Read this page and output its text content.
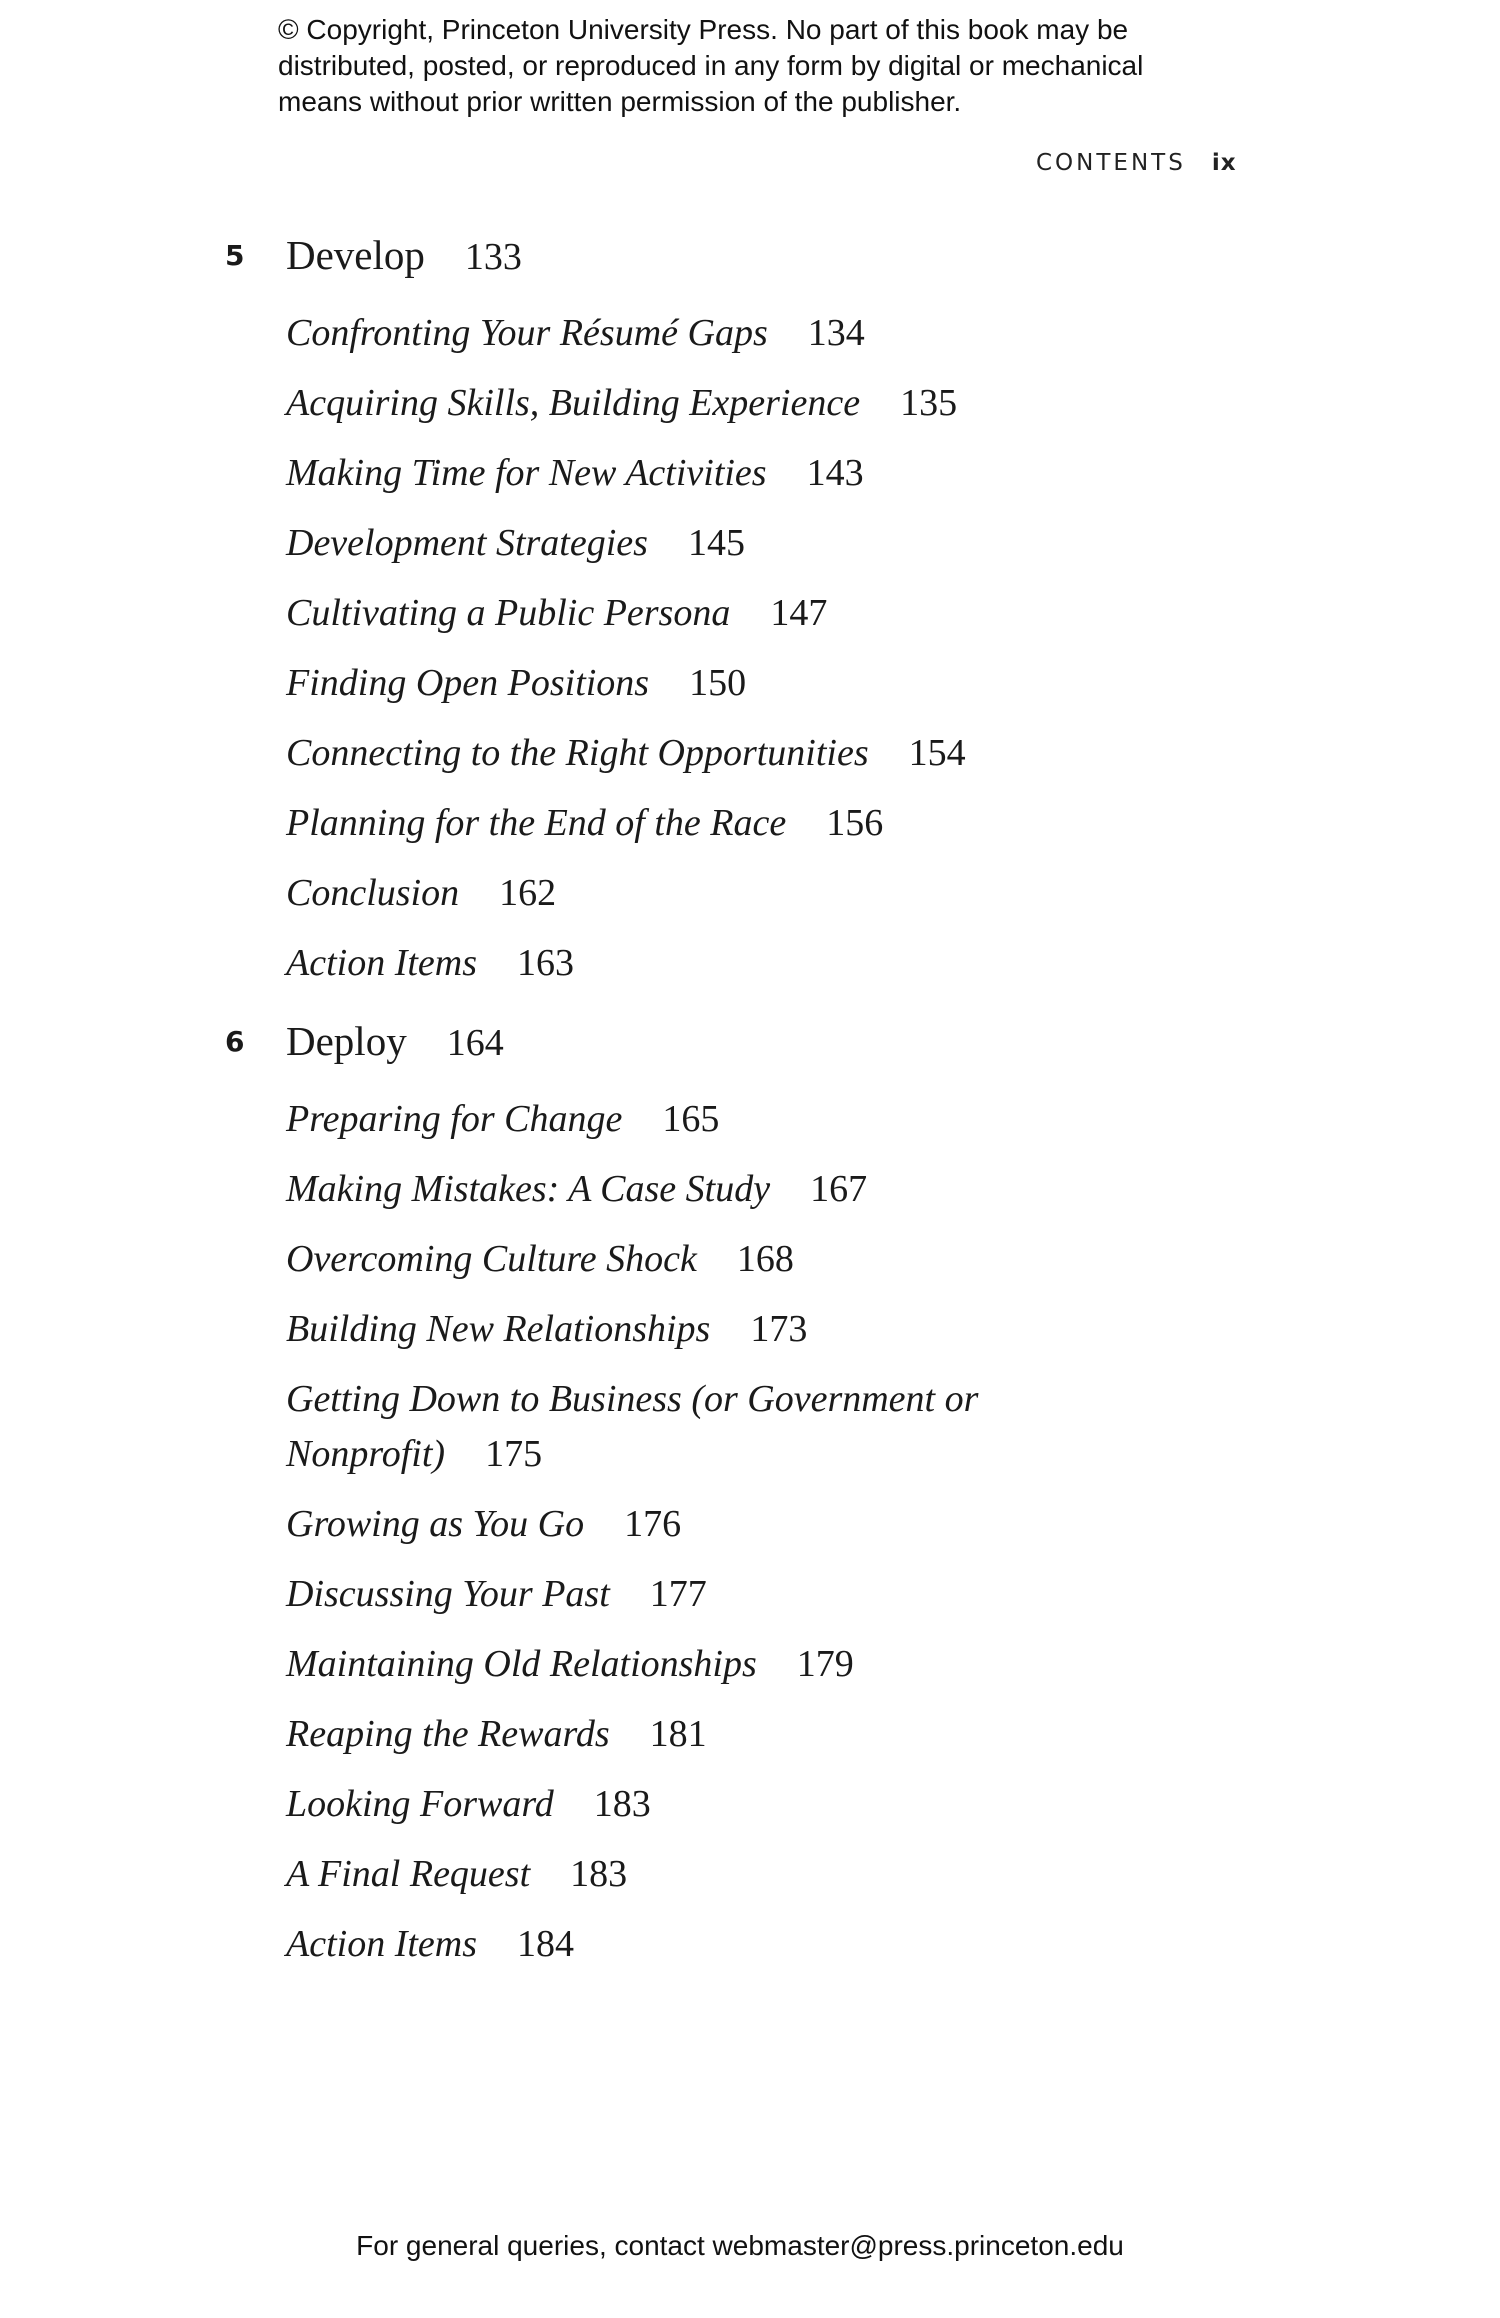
© Copyright, Princeton University Press. No part of this book may be
distributed, posted, or reproduced in any form by digital or mechanical
means without prior written permission of the publisher.
CONTENTS ix
5 Develop 133
Confronting Your Résumé Gaps 134
Acquiring Skills, Building Experience 135
Making Time for New Activities 143
Development Strategies 145
Cultivating a Public Persona 147
Finding Open Positions 150
Connecting to the Right Opportunities 154
Planning for the End of the Race 156
Conclusion 162
Action Items 163
6 Deploy 164
Preparing for Change 165
Making Mistakes: A Case Study 167
Overcoming Culture Shock 168
Building New Relationships 173
Getting Down to Business (or Government or
Nonprofit) 175
Growing as You Go 176
Discussing Your Past 177
Maintaining Old Relationships 179
Reaping the Rewards 181
Looking Forward 183
A Final Request 183
Action Items 184
For general queries, contact webmaster@press.princeton.edu
